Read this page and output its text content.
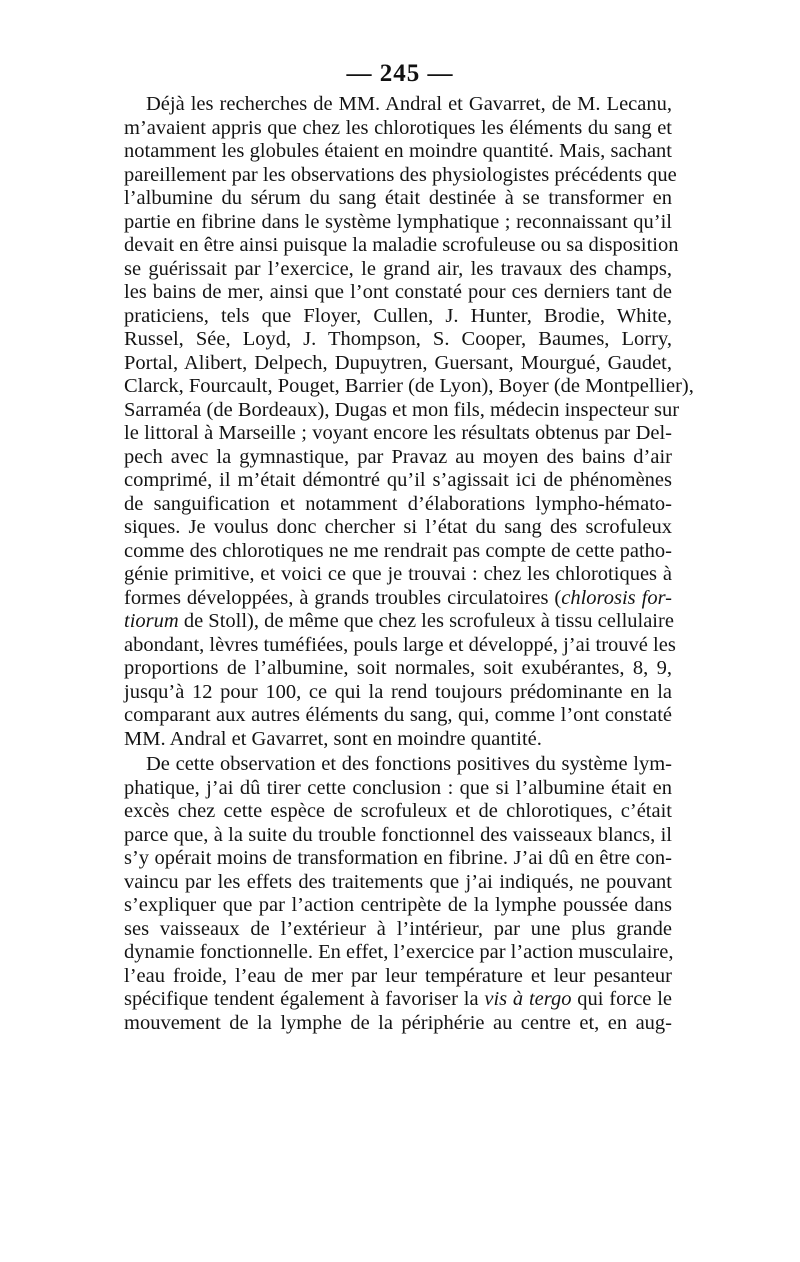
— 245 —

Déjà les recherches de MM. Andral et Gavarret, de M. Lecanu,
m’avaient appris que chez les chlorotiques les éléments du sang et
notamment les globules étaient en moindre quantité. Mais, sachant
pareillement par les observations des physiologistes précédents que
l’albumine du sérum du sang était destinée à se transformer en
partie en fibrine dans le système lymphatique ; reconnaissant qu’il
devait en être ainsi puisque la maladie scrofuleuse ou sa disposition
se guérissait par l’exercice, le grand air, les travaux des champs,
les bains de mer, ainsi que l’ont constaté pour ces derniers tant de
praticiens, tels que Floyer, Cullen, J. Hunter, Brodie, White,
Russel, Sée, Loyd, J. Thompson, S. Cooper, Baumes, Lorry,
Portal, Alibert, Delpech, Dupuytren, Guersant, Mourgué, Gaudet,
Clarck, Fourcault, Pouget, Barrier (de Lyon), Boyer (de Montpellier),
Sarraméa (de Bordeaux), Dugas et mon fils, médecin inspecteur sur
le littoral à Marseille ; voyant encore les résultats obtenus par Del-
pech avec la gymnastique, par Pravaz au moyen des bains d’air
comprimé, il m’était démontré qu’il s’agissait ici de phénomènes
de sanguification et notamment d’élaborations lympho-hémato-
siques. Je voulus donc chercher si l’état du sang des scrofuleux
comme des chlorotiques ne me rendrait pas compte de cette patho-
génie primitive, et voici ce que je trouvai : chez les chlorotiques à
formes développées, à grands troubles circulatoires (chlorosis for-
tiorum de Stoll), de même que chez les scrofuleux à tissu cellulaire
abondant, lèvres tuméfiées, pouls large et développé, j’ai trouvé les
proportions de l’albumine, soit normales, soit exubérantes, 8, 9,
jusqu’à 12 pour 100, ce qui la rend toujours prédominante en la
comparant aux autres éléments du sang, qui, comme l’ont constaté
MM. Andral et Gavarret, sont en moindre quantité.

De cette observation et des fonctions positives du système lym-
phatique, j’ai dû tirer cette conclusion : que si l’albumine était en
excès chez cette espèce de scrofuleux et de chlorotiques, c’était
parce que, à la suite du trouble fonctionnel des vaisseaux blancs, il
s’y opérait moins de transformation en fibrine. J’ai dû en être con-
vaincu par les effets des traitements que j’ai indiqués, ne pouvant
s’expliquer que par l’action centripète de la lymphe poussée dans
ses vaisseaux de l’extérieur à l’intérieur, par une plus grande
dynamie fonctionnelle. En effet, l’exercice par l’action musculaire,
l’eau froide, l’eau de mer par leur température et leur pesanteur
spécifique tendent également à favoriser la vis à tergo qui force le
mouvement de la lymphe de la périphérie au centre et, en aug-
